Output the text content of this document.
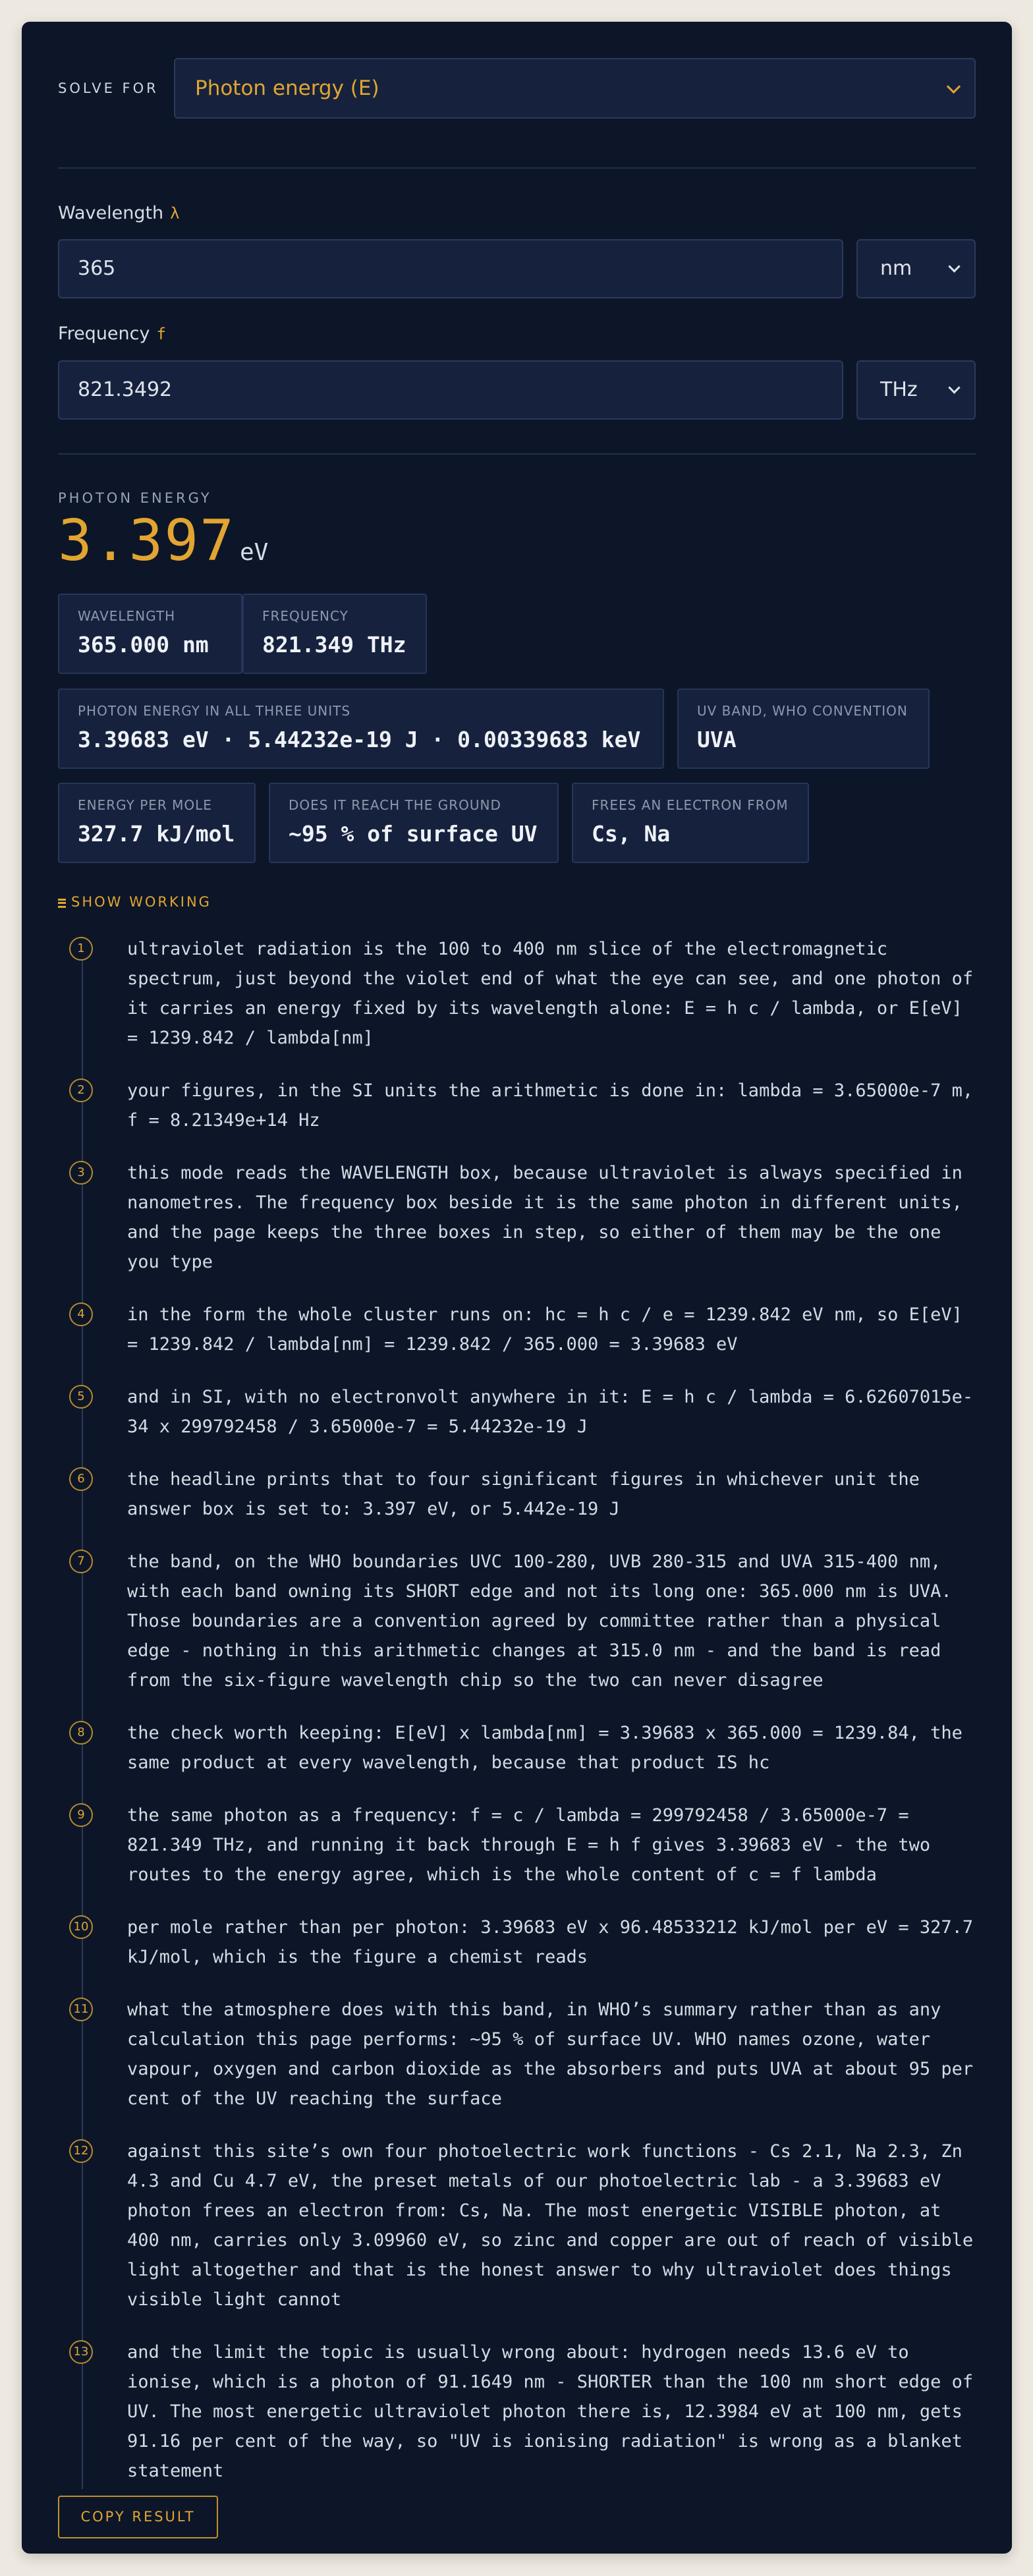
SOLVE FOR Photon energy (E)
Wavelength λ
365	nm
Frequency f
821.3492	THz
PHOTON ENERGY
3.397 eV
WAVELENGTH
365.000 nm
FREQUENCY
821.349 THz
PHOTON ENERGY IN ALL THREE UNITS
3.39683 eV · 5.44232e-19 J · 0.00339683 keV
UV BAND, WHO CONVENTION
UVA
ENERGY PER MOLE
327.7 kJ/mol
DOES IT REACH THE GROUND
~95 % of surface UV
FREES AN ELECTRON FROM
Cs, Na
SHOW WORKING
1	ultraviolet radiation is the 100 to 400 nm slice of the electromagnetic spectrum, just beyond the violet end of what the eye can see, and one photon of it carries an energy fixed by its wavelength alone: E = h c / lambda, or E[eV] = 1239.842 / lambda[nm]
2	your figures, in the SI units the arithmetic is done in: lambda = 3.65000e-7 m, f = 8.21349e+14 Hz
3	this mode reads the WAVELENGTH box, because ultraviolet is always specified in nanometres. The frequency box beside it is the same photon in different units, and the page keeps the three boxes in step, so either of them may be the one you type
4	in the form the whole cluster runs on: hc = h c / e = 1239.842 eV nm, so E[eV] = 1239.842 / lambda[nm] = 1239.842 / 365.000 = 3.39683 eV
5	and in SI, with no electronvolt anywhere in it: E = h c / lambda = 6.62607015e-34 x 299792458 / 3.65000e-7 = 5.44232e-19 J
6	the headline prints that to four significant figures in whichever unit the answer box is set to: 3.397 eV, or 5.442e-19 J
7	the band, on the WHO boundaries UVC 100-280, UVB 280-315 and UVA 315-400 nm, with each band owning its SHORT edge and not its long one: 365.000 nm is UVA. Those boundaries are a convention agreed by committee rather than a physical edge - nothing in this arithmetic changes at 315.0 nm - and the band is read from the six-figure wavelength chip so the two can never disagree
8	the check worth keeping: E[eV] x lambda[nm] = 3.39683 x 365.000 = 1239.84, the same product at every wavelength, because that product IS hc
9	the same photon as a frequency: f = c / lambda = 299792458 / 3.65000e-7 = 821.349 THz, and running it back through E = h f gives 3.39683 eV - the two routes to the energy agree, which is the whole content of c = f lambda
10 per mole rather than per photon: 3.39683 eV x 96.48533212 kJ/mol per eV = 327.7 kJ/mol, which is the figure a chemist reads
11 what the atmosphere does with this band, in WHO’s summary rather than as any calculation this page performs: ~95 % of surface UV. WHO names ozone, water vapour, oxygen and carbon dioxide as the absorbers and puts UVA at about 95 per cent of the UV reaching the surface
12 against this site’s own four photoelectric work functions - Cs 2.1, Na 2.3, Zn 4.3 and Cu 4.7 eV, the preset metals of our photoelectric lab - a 3.39683 eV photon frees an electron from: Cs, Na. The most energetic VISIBLE photon, at 400 nm, carries only 3.09960 eV, so zinc and copper are out of reach of visible light altogether and that is the honest answer to why ultraviolet does things visible light cannot
13 and the limit the topic is usually wrong about: hydrogen needs 13.6 eV to ionise, which is a photon of 91.1649 nm - SHORTER than the 100 nm short edge of UV. The most energetic ultraviolet photon there is, 12.3984 eV at 100 nm, gets 91.16 per cent of the way, so "UV is ionising radiation" is wrong as a blanket statement
COPY RESULT
